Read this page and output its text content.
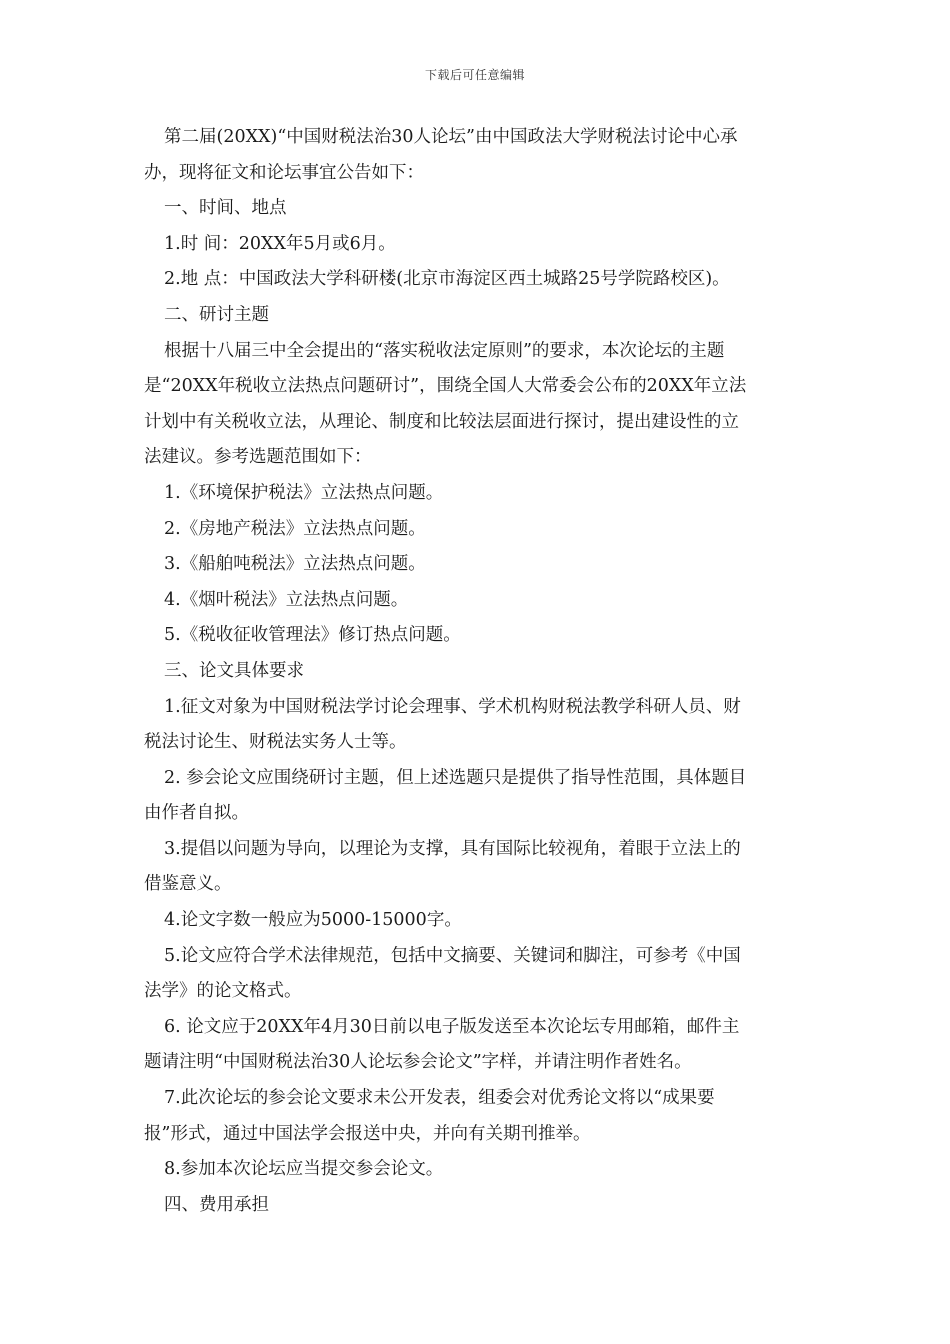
下载后可任意编辑
第二届(20XX)“中国财税法治30人论坛”由中国政法大学财税法讨论中心承
办，现将征文和论坛事宜公告如下：
一、时间、地点
1.时 间：20XX年5月或6月。
2.地 点：中国政法大学科研楼(北京市海淀区西土城路25号学院路校区)。
二、研讨主题
根据十八届三中全会提出的“落实税收法定原则”的要求，本次论坛的主题
是“20XX年税收立法热点问题研讨”，围绕全国人大常委会公布的20XX年立法
计划中有关税收立法，从理论、制度和比较法层面进行探讨，提出建设性的立
法建议。参考选题范围如下：
1.《环境保护税法》立法热点问题。
2.《房地产税法》立法热点问题。
3.《船舶吨税法》立法热点问题。
4.《烟叶税法》立法热点问题。
5.《税收征收管理法》修订热点问题。
三、论文具体要求
1.征文对象为中国财税法学讨论会理事、学术机构财税法教学科研人员、财
税法讨论生、财税法实务人士等。
2. 参会论文应围绕研讨主题，但上述选题只是提供了指导性范围，具体题目
由作者自拟。
3.提倡以问题为导向，以理论为支撑，具有国际比较视角，着眼于立法上的
借鉴意义。
4.论文字数一般应为5000-15000字。
5.论文应符合学术法律规范，包括中文摘要、关键词和脚注，可参考《中国
法学》的论文格式。
6. 论文应于20XX年4月30日前以电子版发送至本次论坛专用邮箱，邮件主
题请注明“中国财税法治30人论坛参会论文”字样，并请注明作者姓名。
7.此次论坛的参会论文要求未公开发表，组委会对优秀论文将以“成果要
报”形式，通过中国法学会报送中央，并向有关期刊推举。
8.参加本次论坛应当提交参会论文。
四、费用承担
